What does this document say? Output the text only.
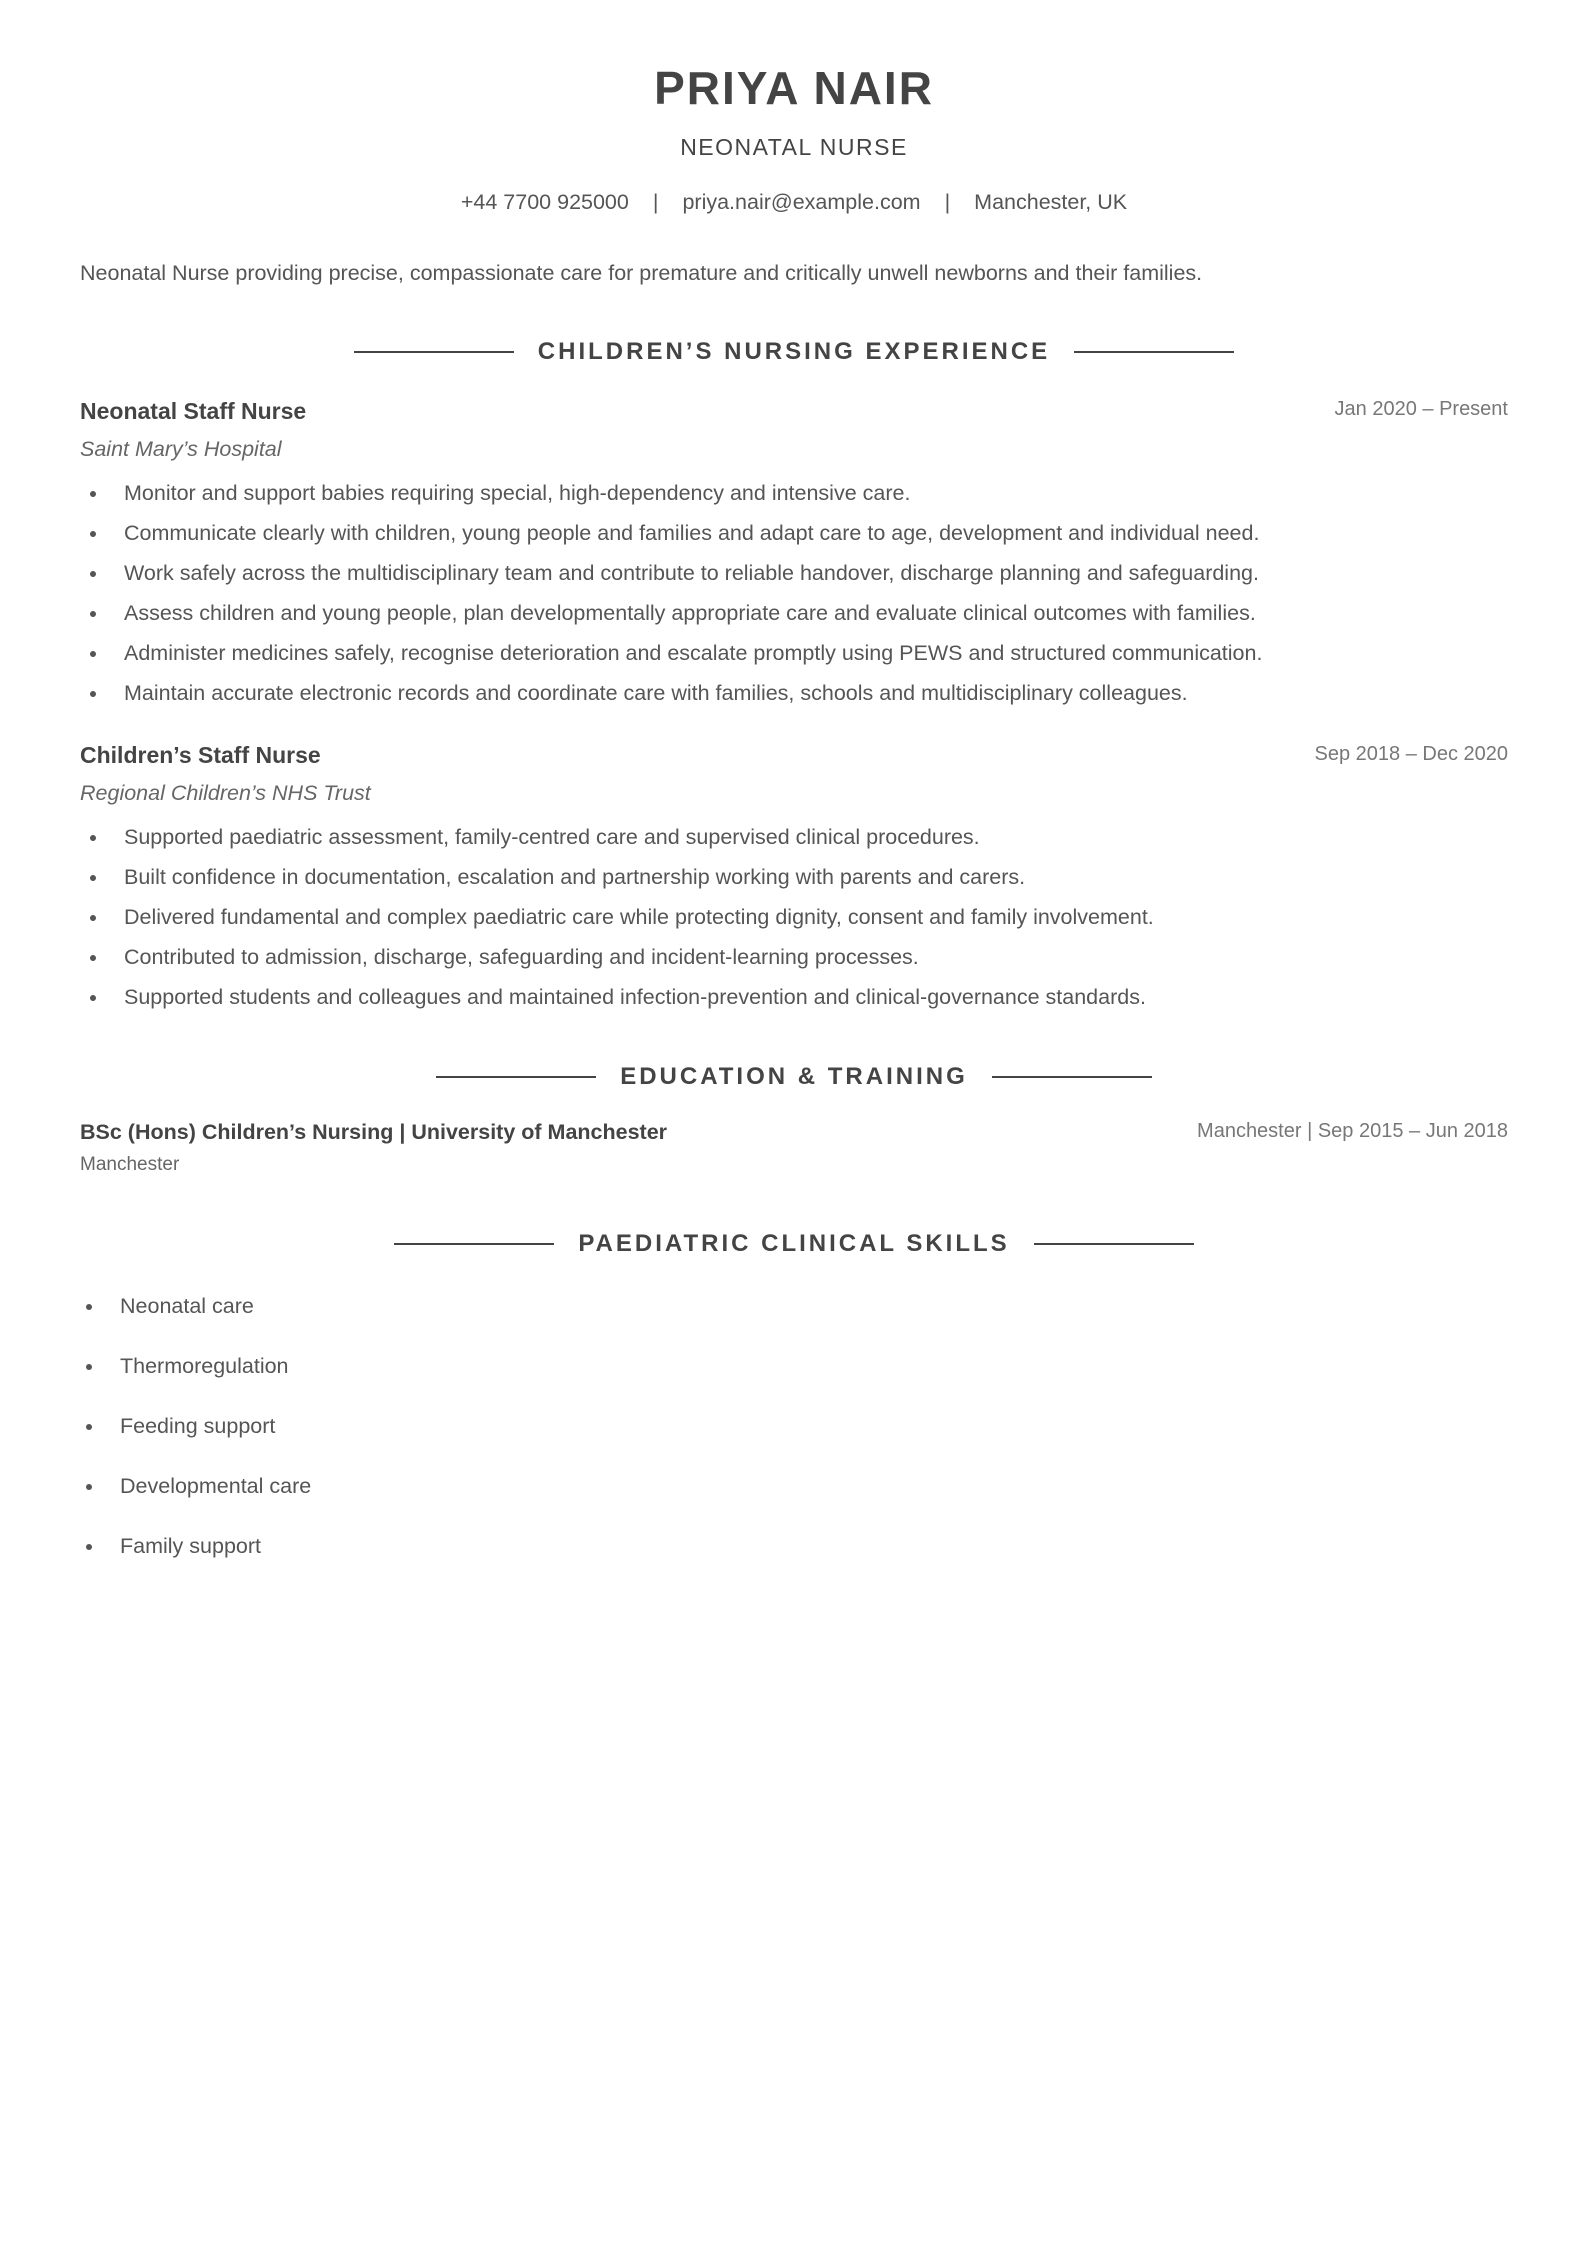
PRIYA NAIR
NEONATAL NURSE
+44 7700 925000 | priya.nair@example.com | Manchester, UK
Neonatal Nurse providing precise, compassionate care for premature and critically unwell newborns and their families.
CHILDREN’S NURSING EXPERIENCE
Neonatal Staff Nurse	Jan 2020 – Present
Saint Mary’s Hospital
Monitor and support babies requiring special, high-dependency and intensive care.
Communicate clearly with children, young people and families and adapt care to age, development and individual need.
Work safely across the multidisciplinary team and contribute to reliable handover, discharge planning and safeguarding.
Assess children and young people, plan developmentally appropriate care and evaluate clinical outcomes with families.
Administer medicines safely, recognise deterioration and escalate promptly using PEWS and structured communication.
Maintain accurate electronic records and coordinate care with families, schools and multidisciplinary colleagues.
Children’s Staff Nurse	Sep 2018 – Dec 2020
Regional Children’s NHS Trust
Supported paediatric assessment, family-centred care and supervised clinical procedures.
Built confidence in documentation, escalation and partnership working with parents and carers.
Delivered fundamental and complex paediatric care while protecting dignity, consent and family involvement.
Contributed to admission, discharge, safeguarding and incident-learning processes.
Supported students and colleagues and maintained infection-prevention and clinical-governance standards.
EDUCATION & TRAINING
BSc (Hons) Children’s Nursing | University of Manchester	Manchester | Sep 2015 – Jun 2018
Manchester
PAEDIATRIC CLINICAL SKILLS
Neonatal care
Thermoregulation
Feeding support
Developmental care
Family support
